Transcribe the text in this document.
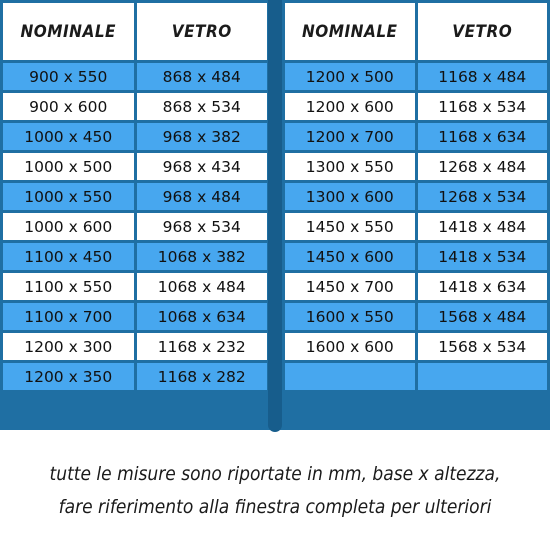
NOMINALE	VETRO
900 x 550	868 x 484
900 x 600	868 x 534
1000 x 450	968 x 382
1000 x 500	968 x 434
1000 x 550	968 x 484
1000 x 600	968 x 534
1100 x 450	1068 x 382
1100 x 550	1068 x 484
1100 x 700	1068 x 634
1200 x 300	1168 x 232
1200 x 350	1168 x 282
NOMINALE	VETRO
1200 x 500	1168 x 484
1200 x 600	1168 x 534
1200 x 700	1168 x 634
1300 x 550	1268 x 484
1300 x 600	1268 x 534
1450 x 550	1418 x 484
1450 x 600	1418 x 534
1450 x 700	1418 x 634
1600 x 550	1568 x 484
1600 x 600	1568 x 534

tutte le misure sono riportate in mm, base x altezza,
fare riferimento alla finestra completa per ulteriori
